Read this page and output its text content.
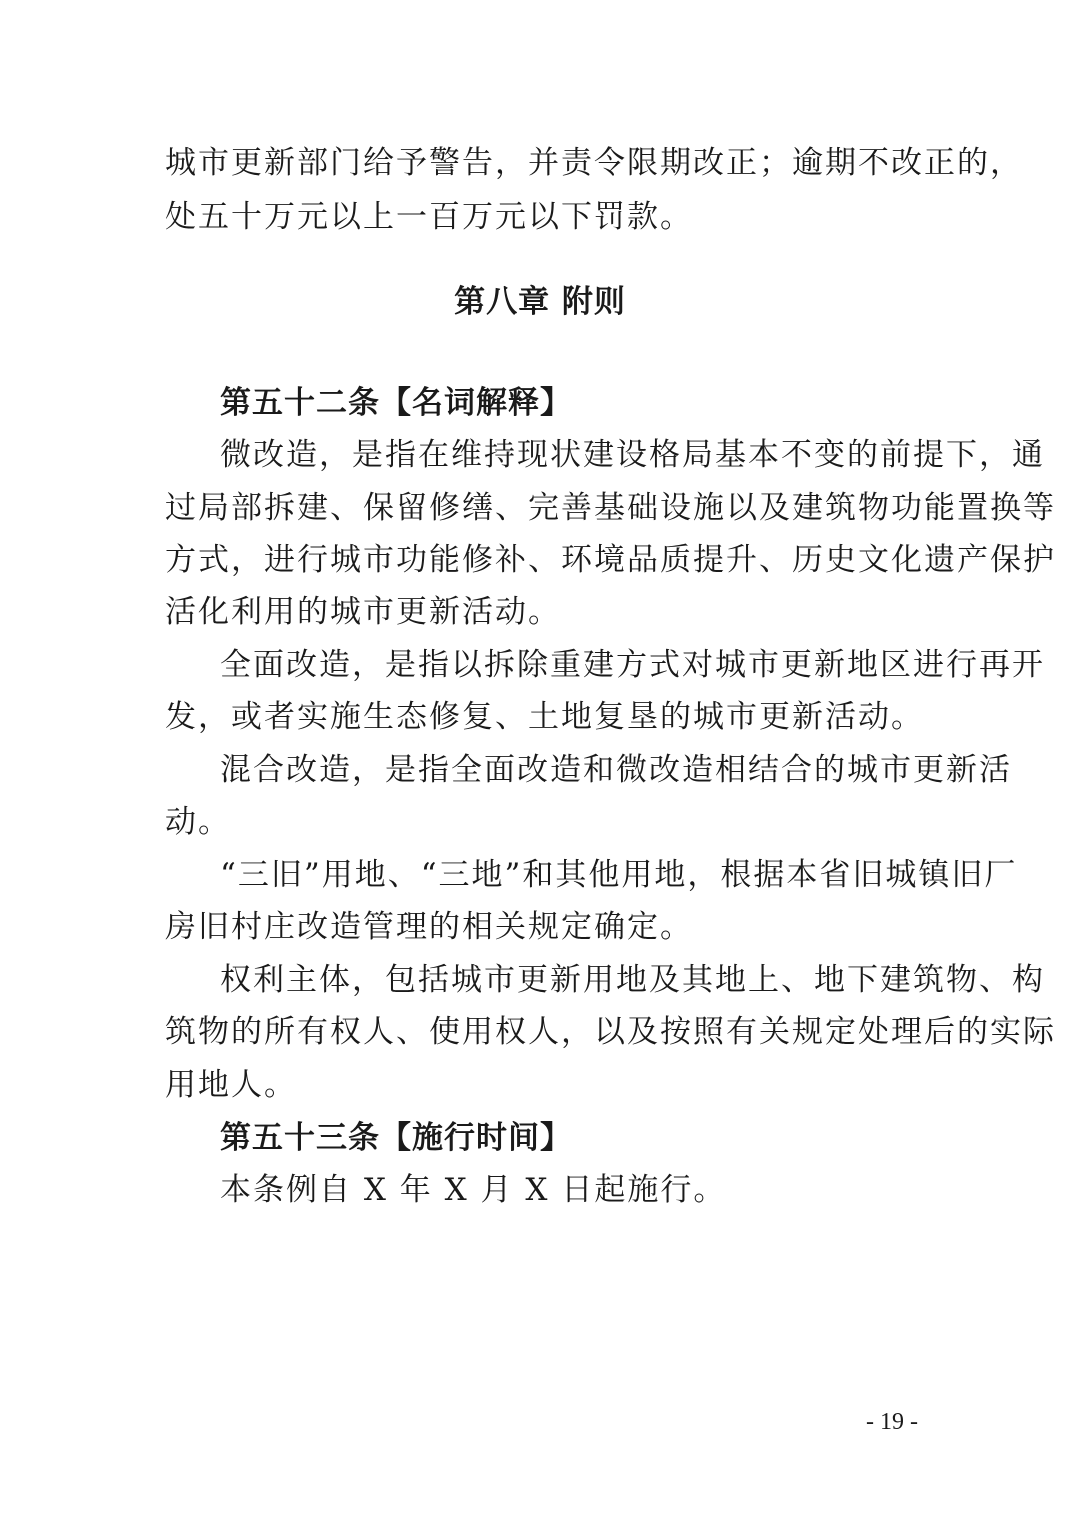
城市更新部门给予警告，并责令限期改正；逾期不改正的，
处五十万元以上一百万元以下罚款。
第八章 附则
第五十二条【名词解释】
微改造，是指在维持现状建设格局基本不变的前提下，通
过局部拆建、保留修缮、完善基础设施以及建筑物功能置换等
方式，进行城市功能修补、环境品质提升、历史文化遗产保护
活化利用的城市更新活动。
全面改造，是指以拆除重建方式对城市更新地区进行再开
发，或者实施生态修复、土地复垦的城市更新活动。
混合改造，是指全面改造和微改造相结合的城市更新活
动。
“三旧”用地、“三地”和其他用地，根据本省旧城镇旧厂
房旧村庄改造管理的相关规定确定。
权利主体，包括城市更新用地及其地上、地下建筑物、构
筑物的所有权人、使用权人，以及按照有关规定处理后的实际
用地人。
第五十三条【施行时间】
本条例自 X 年 X 月 X 日起施行。
- 19 -
